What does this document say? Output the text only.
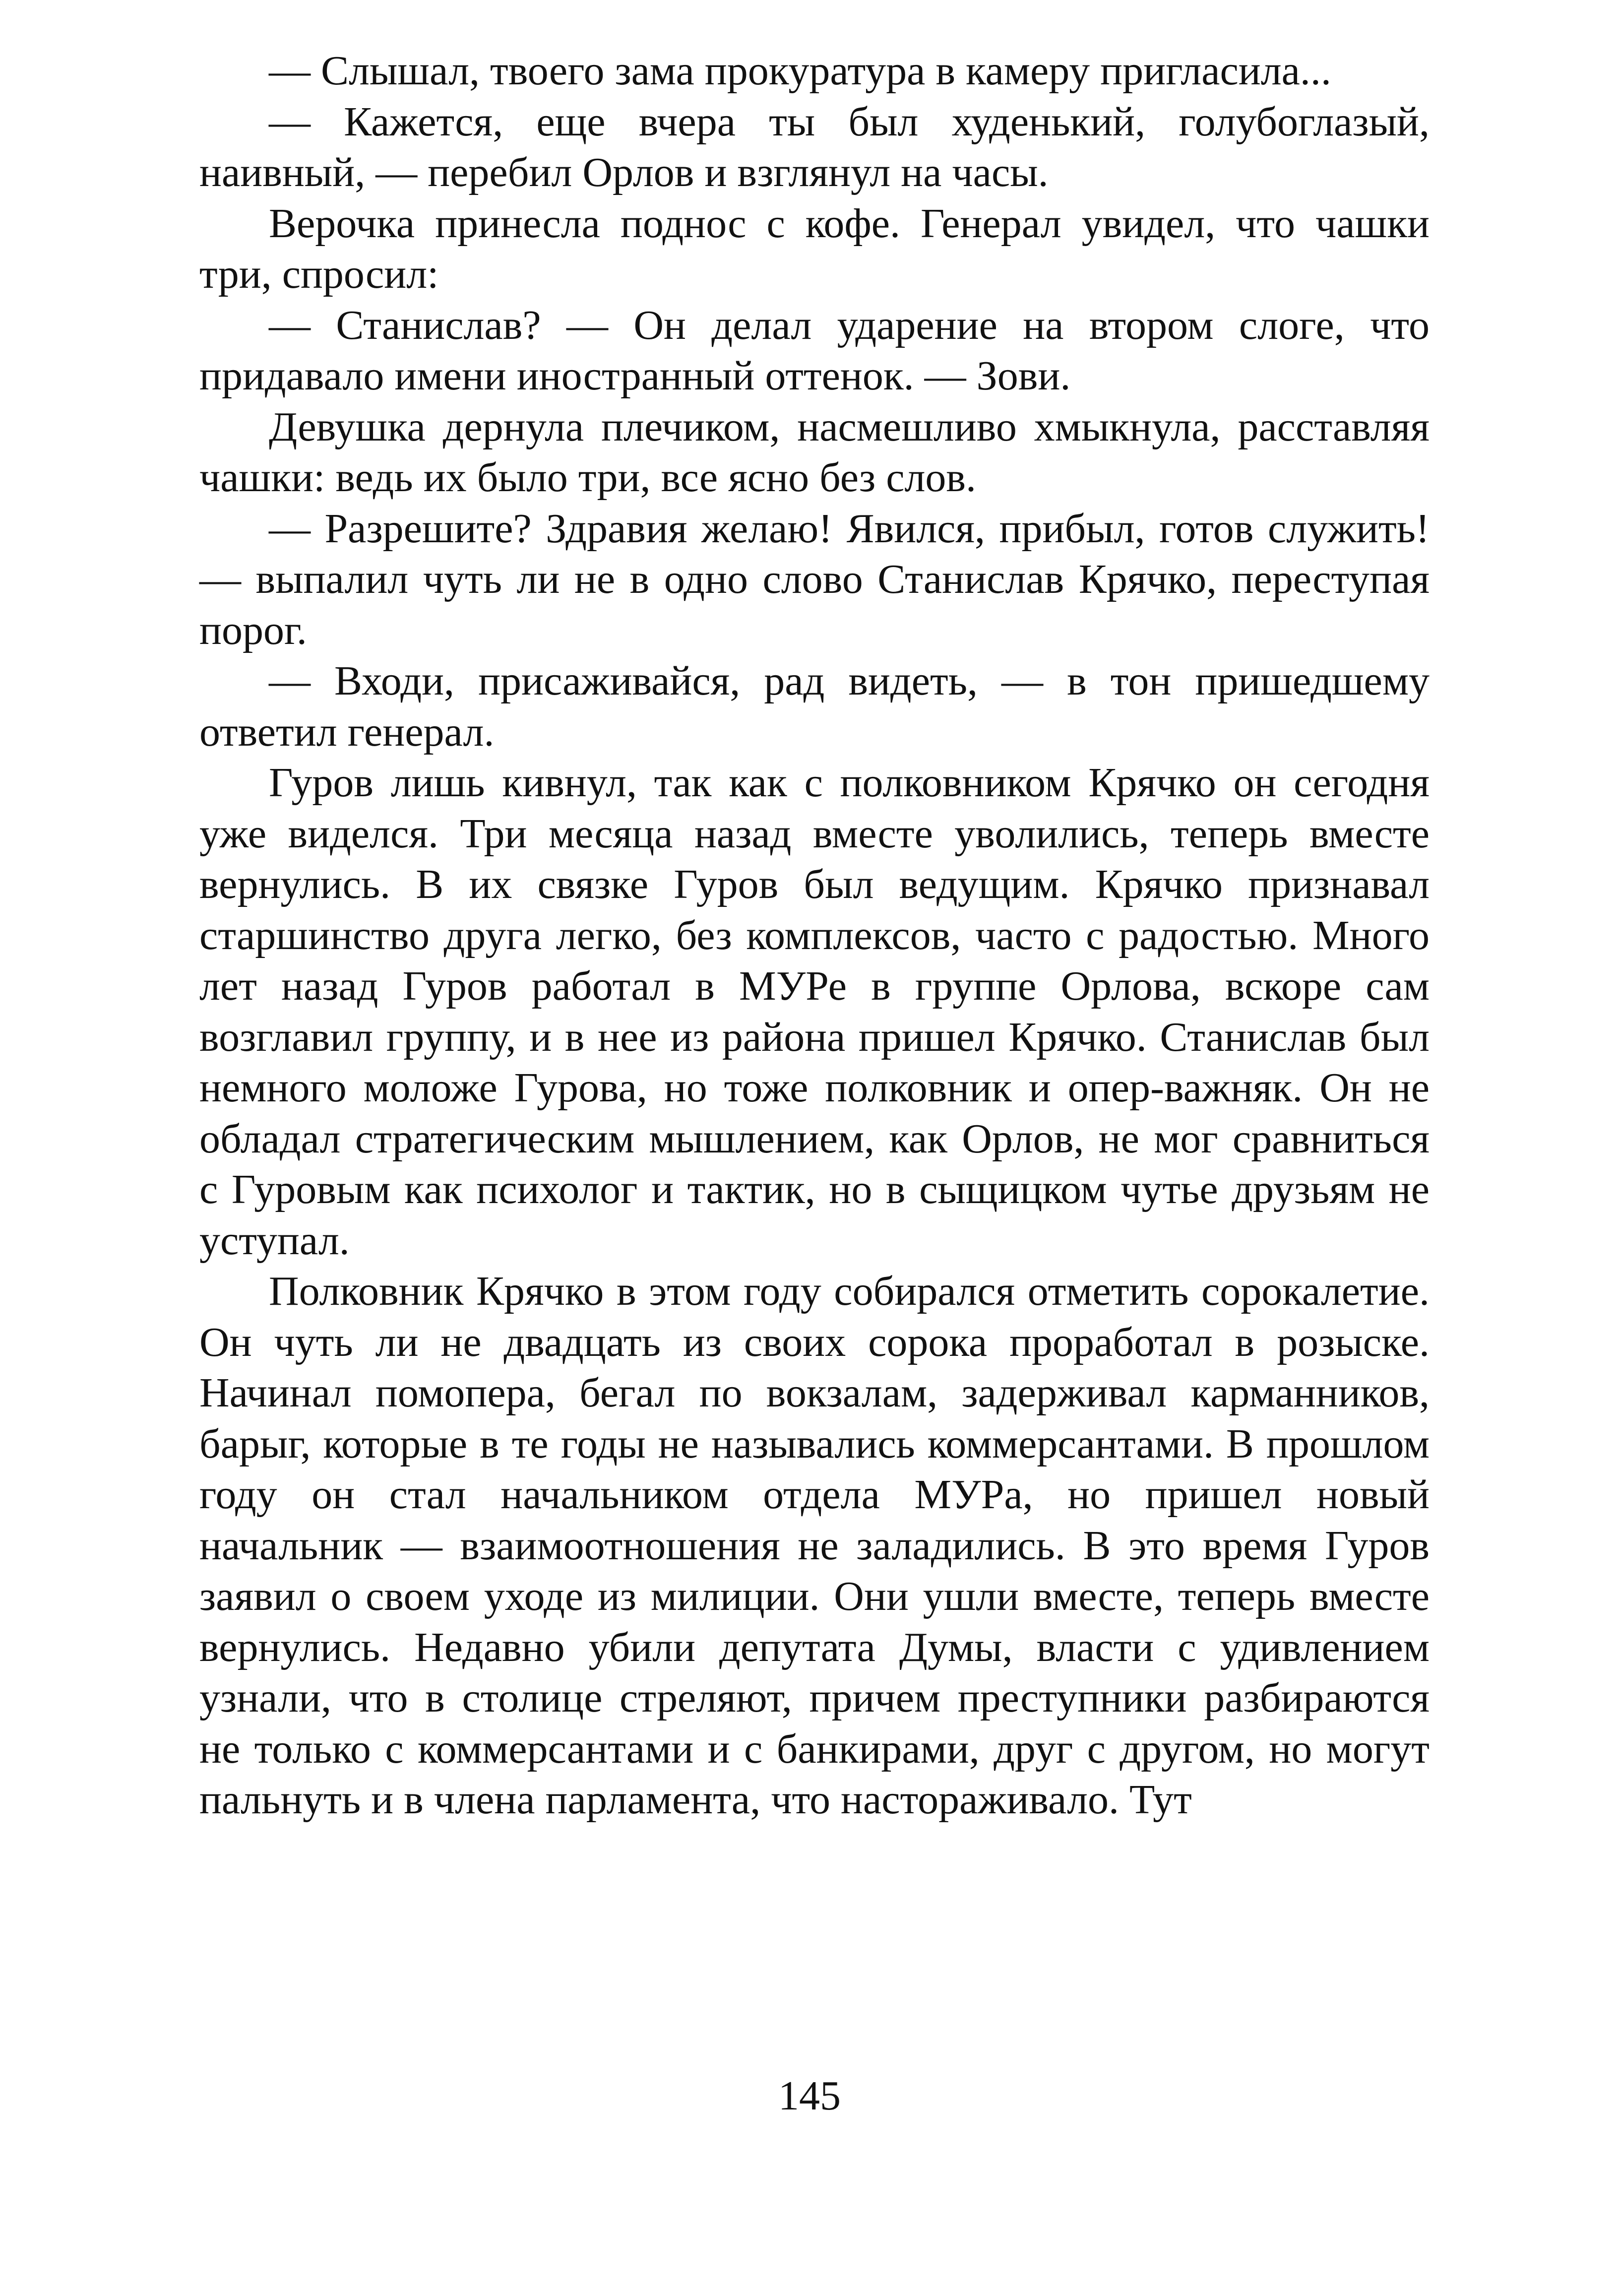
— Слышал, твоего зама прокуратура в камеру пригласила...

— Кажется, еще вчера ты был худенький, голубоглазый, наивный, — перебил Орлов и взглянул на часы.

Верочка принесла поднос с кофе. Генерал увидел, что чашки три, спросил:

— Станислав? — Он делал ударение на втором слоге, что придавало имени иностранный оттенок. — Зови.

Девушка дернула плечиком, насмешливо хмыкнула, расставляя чашки: ведь их было три, все ясно без слов.

— Разрешите? Здравия желаю! Явился, прибыл, готов служить! — выпалил чуть ли не в одно слово Станислав Крячко, переступая порог.

— Входи, присаживайся, рад видеть, — в тон пришедшему ответил генерал.

Гуров лишь кивнул, так как с полковником Крячко он сегодня уже виделся. Три месяца назад вместе уволились, теперь вместе вернулись. В их связке Гуров был ведущим. Крячко признавал старшинство друга легко, без комплексов, часто с радостью. Много лет назад Гуров работал в МУРе в группе Орлова, вскоре сам возглавил группу, и в нее из района пришел Крячко. Станислав был немного моложе Гурова, но тоже полковник и опер-важняк. Он не обладал стратегическим мышлением, как Орлов, не мог сравниться с Гуровым как психолог и тактик, но в сыщицком чутье друзьям не уступал.

Полковник Крячко в этом году собирался отметить сорокалетие. Он чуть ли не двадцать из своих сорока проработал в розыске. Начинал помопера, бегал по вокзалам, задерживал карманников, барыг, которые в те годы не назывались коммерсантами. В прошлом году он стал начальником отдела МУРа, но пришел новый начальник — взаимоотношения не заладились. В это время Гуров заявил о своем уходе из милиции. Они ушли вместе, теперь вместе вернулись. Недавно убили депутата Думы, власти с удивлением узнали, что в столице стреляют, причем преступники разбираются не только с коммерсантами и с банкирами, друг с другом, но могут пальнуть и в члена парламента, что настораживало. Тут

145
